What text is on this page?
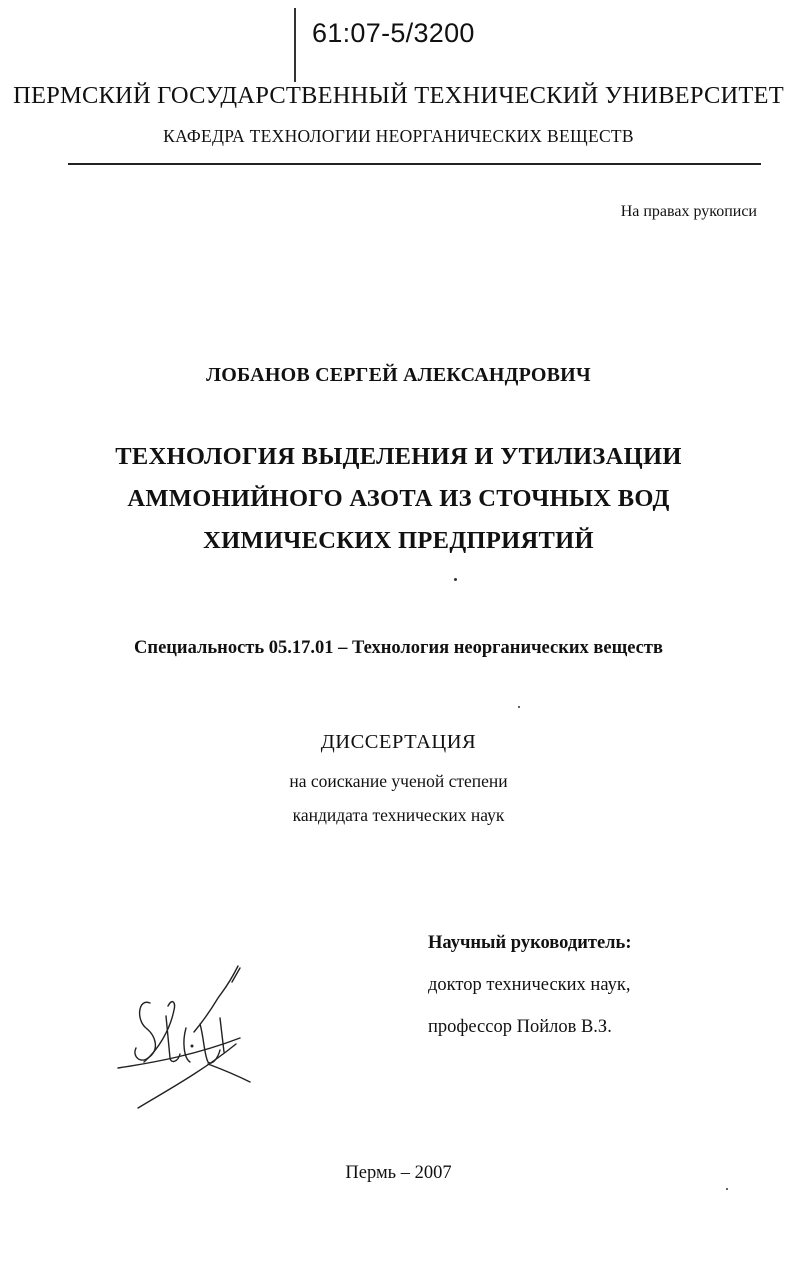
61:07-5/3200
ПЕРМСКИЙ ГОСУДАРСТВЕННЫЙ ТЕХНИЧЕСКИЙ УНИВЕРСИТЕТ
КАФЕДРА ТЕХНОЛОГИИ НЕОРГАНИЧЕСКИХ ВЕЩЕСТВ
На правах рукописи
ЛОБАНОВ СЕРГЕЙ АЛЕКСАНДРОВИЧ
ТЕХНОЛОГИЯ ВЫДЕЛЕНИЯ И УТИЛИЗАЦИИ
АММОНИЙНОГО АЗОТА ИЗ СТОЧНЫХ ВОД
ХИМИЧЕСКИХ ПРЕДПРИЯТИЙ
Специальность 05.17.01 – Технология неорганических веществ
ДИССЕРТАЦИЯ
на соискание ученой степени
кандидата технических наук
Научный руководитель:
доктор технических наук,
профессор Пойлов В.З.
Пермь – 2007
